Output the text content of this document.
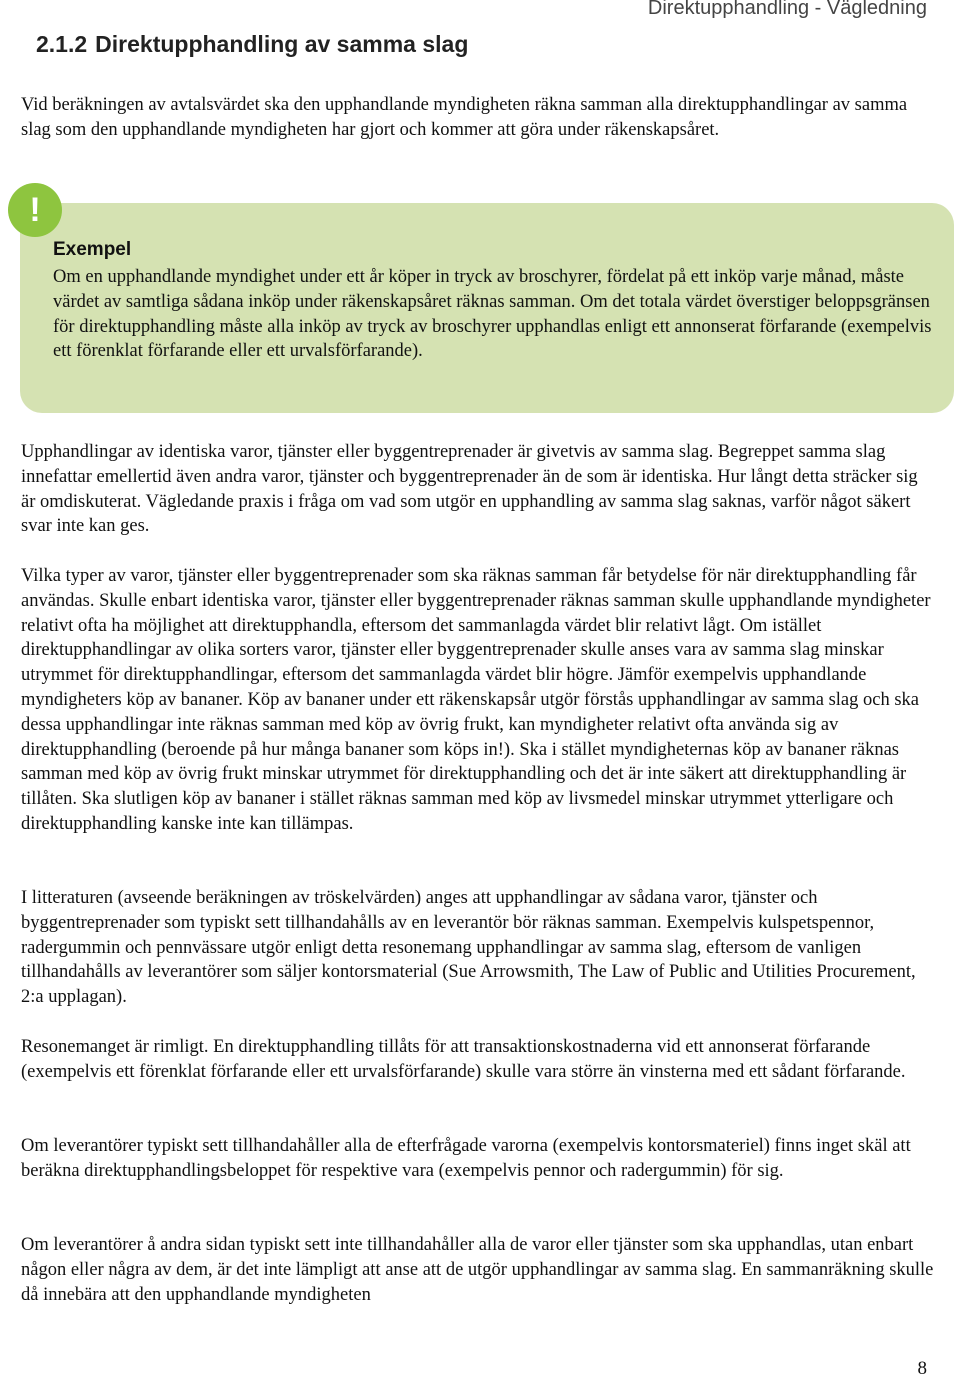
Direktupphandling - Vägledning
2.1.2 Direktupphandling av samma slag

Vid beräkningen av avtalsvärdet ska den upphandlande myndigheten räkna samman alla direktupphandlingar av samma slag som den upphandlande myndigheten har gjort och kommer att göra under räkenskapsåret.

Exempel

Om en upphandlande myndighet under ett år köper in tryck av broschyrer, fördelat på ett inköp varje månad, måste värdet av samtliga sådana inköp under räkenskapsåret räknas samman. Om det totala värdet överstiger beloppsgränsen för direktupphandling måste alla inköp av tryck av broschyrer upphandlas enligt ett annonserat förfarande (exempelvis ett förenklat förfarande eller ett urvalsförfarande).

!

Upphandlingar av identiska varor, tjänster eller byggentreprenader är givetvis av samma slag. Begreppet samma slag innefattar emellertid även andra varor, tjänster och byggentreprenader än de som är identiska. Hur långt detta sträcker sig är omdiskuterat. Vägledande praxis i fråga om vad som utgör en upphandling av samma slag saknas, varför något säkert svar inte kan ges.

Vilka typer av varor, tjänster eller byggentreprenader som ska räknas samman får betydelse för när direktupphandling får användas. Skulle enbart identiska varor, tjänster eller byggentreprenader räknas samman skulle upphandlande myndigheter relativt ofta ha möjlighet att direktupphandla, eftersom det sammanlagda värdet blir relativt lågt. Om istället direktupphandlingar av olika sorters varor, tjänster eller byggentreprenader skulle anses vara av samma slag minskar utrymmet för direktupphandlingar, eftersom det sammanlagda värdet blir högre. Jämför exempelvis upphandlande myndigheters köp av bananer. Köp av bananer under ett räkenskapsår utgör förstås upphandlingar av samma slag och ska dessa upphandlingar inte räknas samman med köp av övrig frukt, kan myndigheter relativt ofta använda sig av direktupphandling (beroende på hur många bananer som köps in!). Ska i stället myndigheternas köp av bananer räknas samman med köp av övrig frukt minskar utrymmet för direktupphandling och det är inte säkert att direktupphandling är tillåten. Ska slutligen köp av bananer i stället räknas samman med köp av livsmedel minskar utrymmet ytterligare och direktupphandling kanske inte kan tillämpas.

I litteraturen (avseende beräkningen av tröskelvärden) anges att upphandlingar av sådana varor, tjänster och byggentreprenader som typiskt sett tillhandahålls av en leverantör bör räknas samman. Exempelvis kulspetspennor, radergummin och pennvässare utgör enligt detta resonemang upphandlingar av samma slag, eftersom de vanligen tillhandahålls av leverantörer som säljer kontorsmaterial (Sue Arrowsmith, The Law of Public and Utilities Procurement, 2:a upplagan).

Resonemanget är rimligt. En direktupphandling tillåts för att transaktionskostnaderna vid ett annonserat förfarande (exempelvis ett förenklat förfarande eller ett urvalsförfarande) skulle vara större än vinsterna med ett sådant förfarande.

Om leverantörer typiskt sett tillhandahåller alla de efterfrågade varorna (exempelvis kontorsmateriel) finns inget skäl att beräkna direktupphandlingsbeloppet för respektive vara (exempelvis pennor och radergummin) för sig.

Om leverantörer å andra sidan typiskt sett inte tillhandahåller alla de varor eller tjänster som ska upphandlas, utan enbart någon eller några av dem, är det inte lämpligt att anse att de utgör upphandlingar av samma slag. En sammanräkning skulle då innebära att den upphandlande myndigheten

8
